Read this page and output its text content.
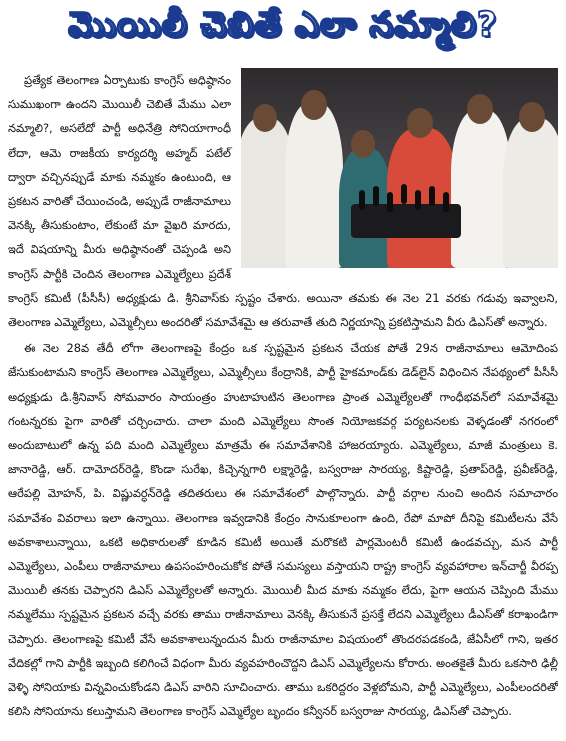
మొయిలీ చెబితే ఎలా నమ్మాలి?

ప్రత్యేక తెలంగాణ ఏర్పాటుకు కాంగ్రెస్ అధిష్ఠానం సుముఖంగా ఉందని మొయిలీ చెబితే మేము ఎలా నమ్మాలి?, అసలేదో పార్టీ అధినేత్రి సోనియాగాంధీ లేదా, ఆమె రాజకీయ కార్యదర్శి అహ్మద్ పటేల్ ద్వారా వచ్చినప్పుడే మాకు నమ్మకం ఉంటుంది, ఆ ప్రకటన వారితో చేయించండి, అప్పుడే రాజీనామాలు వెనక్కి తీసుకుంటాం, లేకుంటే మా వైఖరి మారదు, ఇదే విషయాన్ని మీరు అధిష్ఠానంతో చెప్పండి అని కాంగ్రెస్ పార్టీకి చెందిన తెలంగాణ ఎమ్మెల్యేలు ప్రదేశ్ కాంగ్రెస్ కమిటీ (పీసీసీ) అధ్యక్షుడు డి. శ్రీనివాస్‌కు స్పష్టం చేశారు. అయినా తమకు ఈ నెల 21 వరకు గడువు ఇవ్వాలని, తెలంగాణ ఎమ్మెల్యేలు, ఎమ్మెల్సీలు అందరితో సమావేశమై ఆ తరువాతే తుది నిర్ణయాన్ని ప్రకటిస్తామని వీరు డిఎస్‌తో అన్నారు.

ఈ నెల 28వ తేదీ లోగా తెలంగాణపై కేంద్రం ఒక స్పష్టమైన ప్రకటన చేయక పోతే 29న రాజీనామాలు ఆమోదింప జేసుకుంటామని కాంగ్రెస్ తెలంగాణ ఎమ్మెల్యేలు, ఎమ్మెల్సీలు కేంద్రానికి, పార్టీ హైకమాండ్‌కు డెడ్‌లైన్ విధించిన నేపథ్యంలో పీసీసీ అధ్యక్షుడు డి.శ్రీనివాస్ సోమవారం సాయంత్రం హుటాహుటిన తెలంగాణ ప్రాంత ఎమ్మెల్యేలతో గాంధీభవన్‌లో సమావేశమై గంటన్నరకు పైగా వారితో చర్చించారు. చాలా మంది ఎమ్మెల్యేలు సొంత నియోజకవర్గ పర్యటనలకు వెళ్ళడంతో నగరంలో అందుబాటులో ఉన్న పది మంది ఎమ్మెల్యేలు మాత్రమే ఈ సమావేశానికి హాజరయ్యారు. ఎమ్మెల్యేలు, మాజీ మంత్రులు కె. జానారెడ్డి, ఆర్. దామోదర్‌రెడ్డి, కొండా సురేఖ, కిచ్చెన్నగారి లక్ష్మారెడ్డి, బస్వరాజు సారయ్య, కిష్టారెడ్డి, ప్రతాప్‌రెడ్డి, ప్రవీణ్‌రెడ్డి, ఆరేపల్లి మోహన్, పి. విష్ణువర్ధన్‌రెడ్డి తదితరులు ఈ సమావేశంలో పాల్గొన్నారు. పార్టీ వర్గాల నుంచి అందిన సమాచారం సమావేశం వివరాలు ఇలా ఉన్నాయి. తెలంగాణ ఇవ్వడానికి కేంద్రం సానుకూలంగా ఉంది, రేపో మాపో దీనిపై కమిటీలను వేసే అవకాశాలున్నాయి, ఒకటి అధికారులతో కూడిన కమిటీ అయితే మరొకటి పార్లమెంటరీ కమిటీ ఉండవచ్చు, మన పార్టీ ఎమ్మెల్యేలు, ఎంపీలు రాజీనామాలు ఉపసంహరించుకోక పోతే సమస్యలు వస్తాయని రాష్ట్ర కాంగ్రెస్ వ్యవహారాల ఇన్‌చార్జీ వీరప్ప మొయిలీ తనకు చెప్పారని డిఎస్ ఎమ్మెల్యేలతో అన్నారు. మొయిలీ మీద మాకు నమ్మకం లేదు, పైగా ఆయన చెప్పింది మేము నమ్మలేము స్పష్టమైన ప్రకటన వచ్చే వరకు తాము రాజీనామాలు వెనక్కి తీసుకునే ప్రసక్తే లేదని ఎమ్మెల్యేలు డీఎస్‌తో కరాఖండిగా చెప్పారు. తెలంగాణపై కమిటీ వేసే అవకాశాలున్నందున మీరు రాజీనామాల విషయంలో తొందరపడకండి, జేఏసీలో గాని, ఇతర వేదికల్లో గాని పార్టీకి ఇబ్బంది కలిగించే విధంగా మీరు వ్యవహరించొద్దని డిఎస్ ఎమ్మెల్యేలను కోరారు. అంతకైతే మీరు ఒకసారి ఢిల్లీ వెళ్ళి సోనియాకు విన్నవించుకోండని డిఎస్ వారిని సూచించారు. తాము ఒకరిద్దరం వెళ్లబోమని, పార్టీ ఎమ్మెల్యేలు, ఎంపీలందరితో కలిసి సోనియాను కలుస్తామని తెలంగాణ కాంగ్రెస్ ఎమ్మెల్యేల బృందం కన్వీనర్ బస్వరాజు సారయ్య, డిఎస్‌తో చెప్పారు.
